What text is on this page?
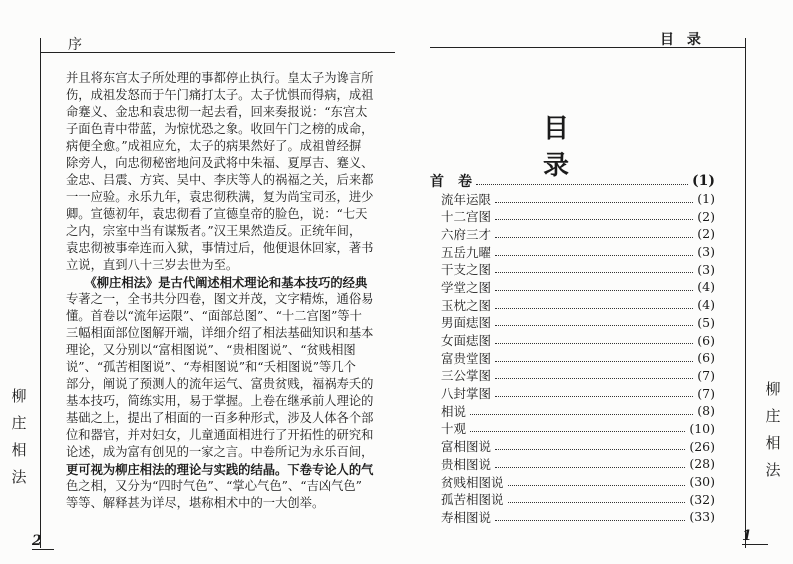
序
并且将东宫太子所处理的事都停止执行。皇太子为谗言所
伤，成祖发怒而于午门痛打太子。太子忧惧而得病，成祖
命蹇义、金忠和袁忠彻一起去看，回来奏报说：“东宫太
子面色青中带蓝，为惊忧恐之象。收回午门之榜的成命，
病便全愈。”成祖应允，太子的病果然好了。成祖曾经摒
除旁人，向忠彻秘密地问及武将中朱福、夏厚吉、蹇义、
金忠、吕震、方宾、吴中、李庆等人的祸福之关，后来都
一一应验。永乐九年，袁忠彻秩满，复为尚宝司丞，进少
卿。宣德初年，袁忠彻看了宣德皇帝的脸色，说：“七天
之内，宗室中当有谋叛者。”汉王果然造反。正统年间，
袁忠彻被事牵连而入狱，事情过后，他便退休回家，著书
立说，直到八十三岁去世为至。
　　《柳庄相法》是古代阐述相术理论和基本技巧的经典
专著之一，全书共分四卷，图文并茂，文字精炼，通俗易
懂。首卷以“流年运限”、“面部总图”、“十二宫图”等十
三幅相面部位图解开端，详细介绍了相法基础知识和基本
理论，又分别以“富相图说”、“贵相图说”、“贫贱相图
说”、“孤苦相图说”、“寿相图说”和“夭相图说”等几个
部分，阐说了预测人的流年运气、富贵贫贱，福祸寿夭的
基本技巧，简练实用，易于掌握。上卷在继承前人理论的
基础之上，提出了相面的一百多种形式，涉及人体各个部
位和器官，并对妇女，儿童通面相进行了开拓性的研究和
论述，成为富有创见的一家之言。中卷所记为永乐百间，
更可视为柳庄相法的理论与实践的结晶。下卷专论人的气
色之相，又分为“四时气色”、“掌心气色”、“吉凶气色”
等等、解释甚为详尽，堪称相术中的一大创举。
柳
庄
相
法
2
目 录
目 录
首　卷	(1)
流年运限	(1)
十二宫图	(2)
六府三才	(2)
五岳九曜	(3)
干支之图	(3)
学堂之图	(4)
玉枕之图	(4)
男面痣图	(5)
女面痣图	(6)
富贵堂图	(6)
三公掌图	(7)
八封掌图	(7)
相说	(8)
十观	(10)
富相图说	(26)
贵相图说	(28)
贫贱相图说	(30)
孤苦相图说	(32)
寿相图说	(33)
柳
庄
相
法
1
